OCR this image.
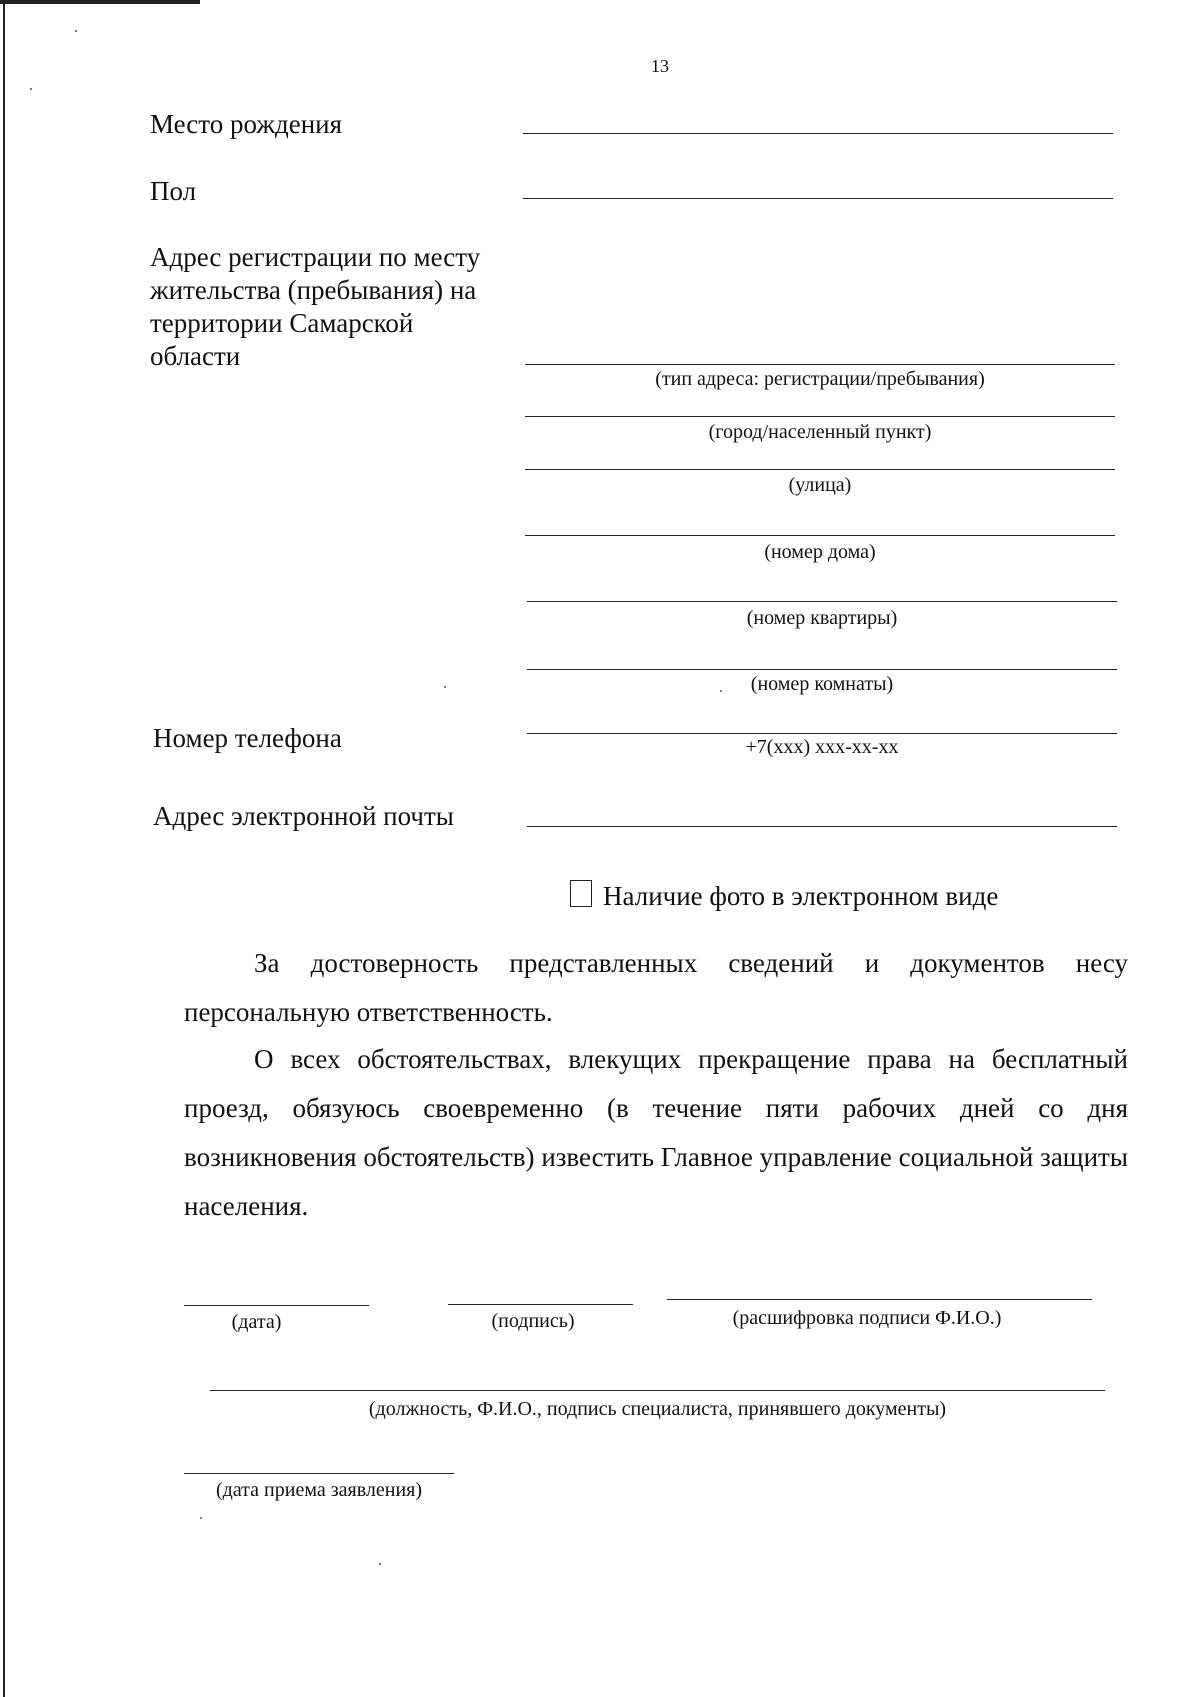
13
Место рождения
Пол
Адрес регистрации по месту
жительства (пребывания) на
территории Самарской
области
(тип адреса: регистрации/пребывания)
(город/населенный пункт)
(улица)
(номер дома)
(номер квартиры)
(номер комнаты)
Номер телефона	+7(xxx) xxx-xx-xx
Адрес электронной почты
Наличие фото в электронном виде
За достоверность представленных сведений и документов несу персональную ответственность.
О всех обстоятельствах, влекущих прекращение права на бесплатный проезд, обязуюсь своевременно (в течение пяти рабочих дней со дня возникновения обстоятельств) известить Главное управление социальной защиты населения.
(дата)	(подпись)	(расшифровка подписи Ф.И.О.)
(должность, Ф.И.О., подпись специалиста, принявшего документы)
(дата приема заявления)
